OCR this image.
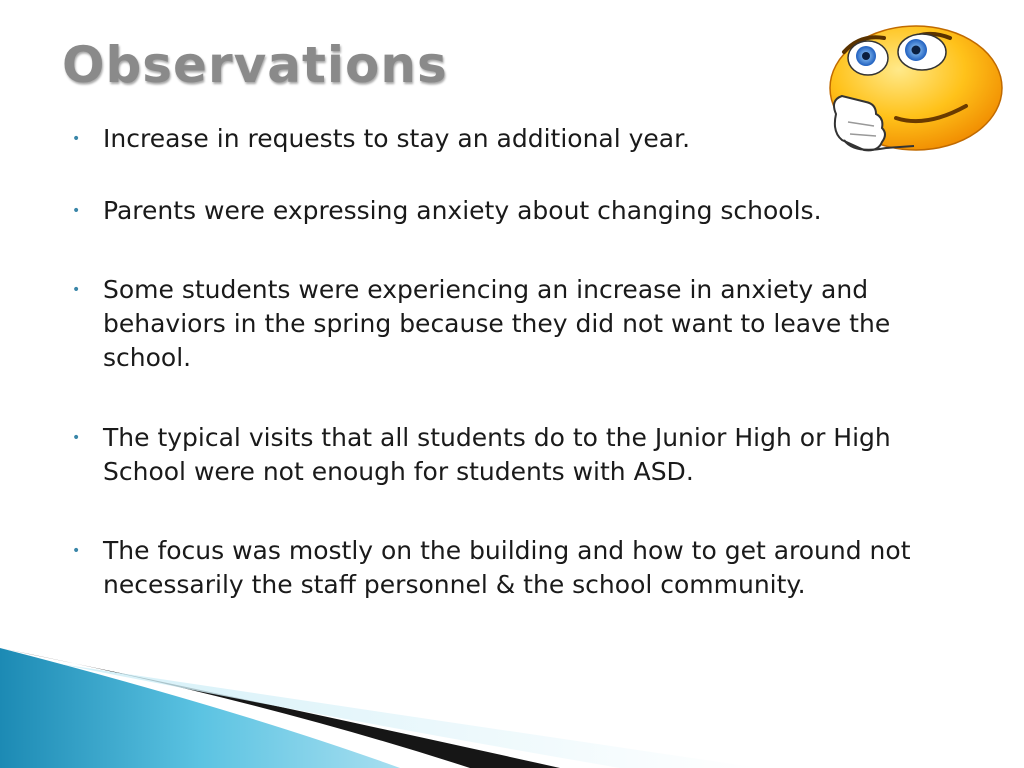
Observations
• Increase in requests to stay an additional year.
• Parents were expressing anxiety about changing schools.
• Some students were experiencing an increase in anxiety and behaviors in the spring because they did not want to leave the school.
• The typical visits that all students do to the Junior High or High School were not enough for students with ASD.
• The focus was mostly on the building and how to get around not necessarily the staff personnel & the school community.
